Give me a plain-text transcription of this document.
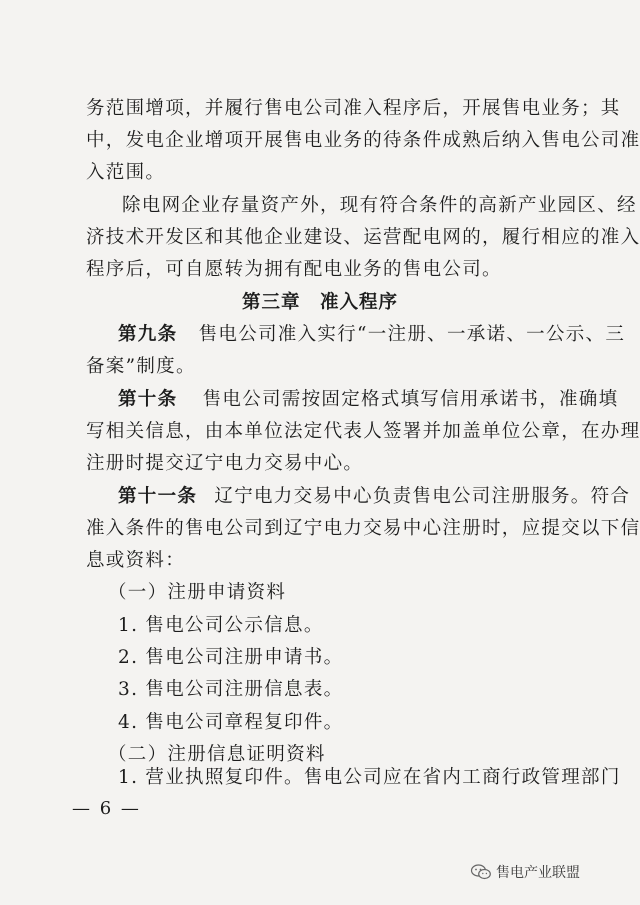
务范围增项，并履行售电公司准入程序后，开展售电业务；其
中，发电企业增项开展售电业务的待条件成熟后纳入售电公司准
入范围。
除电网企业存量资产外，现有符合条件的高新产业园区、经
济技术开发区和其他企业建设、运营配电网的，履行相应的准入
程序后，可自愿转为拥有配电业务的售电公司。
第三章　准入程序
第九条 售电公司准入实行“一注册、一承诺、一公示、三
备案”制度。
第十条 售电公司需按固定格式填写信用承诺书，准确填
写相关信息，由本单位法定代表人签署并加盖单位公章，在办理
注册时提交辽宁电力交易中心。
第十一条 辽宁电力交易中心负责售电公司注册服务。符合
准入条件的售电公司到辽宁电力交易中心注册时，应提交以下信
息或资料：
（一）注册申请资料
1. 售电公司公示信息。
2. 售电公司注册申请书。
3. 售电公司注册信息表。
4. 售电公司章程复印件。
（二）注册信息证明资料
1. 营业执照复印件。售电公司应在省内工商行政管理部门
— 6 —
售电产业联盟
